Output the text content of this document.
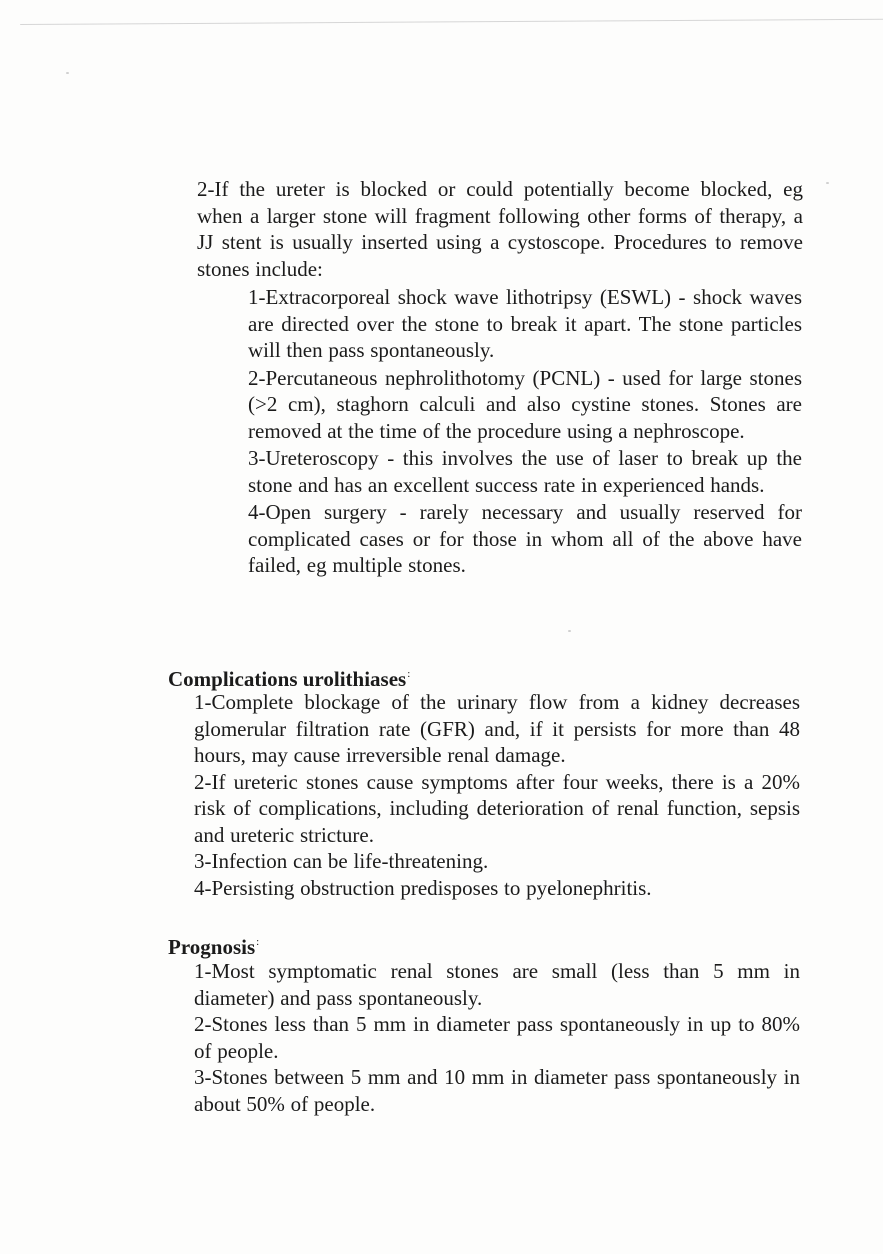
2-If the ureter is blocked or could potentially become blocked, eg when a larger stone will fragment following other forms of therapy, a JJ stent is usually inserted using a cystoscope. Procedures to remove stones include:

1-Extracorporeal shock wave lithotripsy (ESWL) - shock waves are directed over the stone to break it apart. The stone particles will then pass spontaneously.

2-Percutaneous nephrolithotomy (PCNL) - used for large stones (>2 cm), staghorn calculi and also cystine stones. Stones are removed at the time of the procedure using a nephroscope.

3-Ureteroscopy - this involves the use of laser to break up the stone and has an excellent success rate in experienced hands.

4-Open surgery - rarely necessary and usually reserved for complicated cases or for those in whom all of the above have failed, eg multiple stones.

Complications urolithiases:

1-Complete blockage of the urinary flow from a kidney decreases glomerular filtration rate (GFR) and, if it persists for more than 48 hours, may cause irreversible renal damage.

2-If ureteric stones cause symptoms after four weeks, there is a 20% risk of complications, including deterioration of renal function, sepsis and ureteric stricture.

3-Infection can be life-threatening.

4-Persisting obstruction predisposes to pyelonephritis.

Prognosis:

1-Most symptomatic renal stones are small (less than 5 mm in diameter) and pass spontaneously.

2-Stones less than 5 mm in diameter pass spontaneously in up to 80% of people.

3-Stones between 5 mm and 10 mm in diameter pass spontaneously in about 50% of people.
